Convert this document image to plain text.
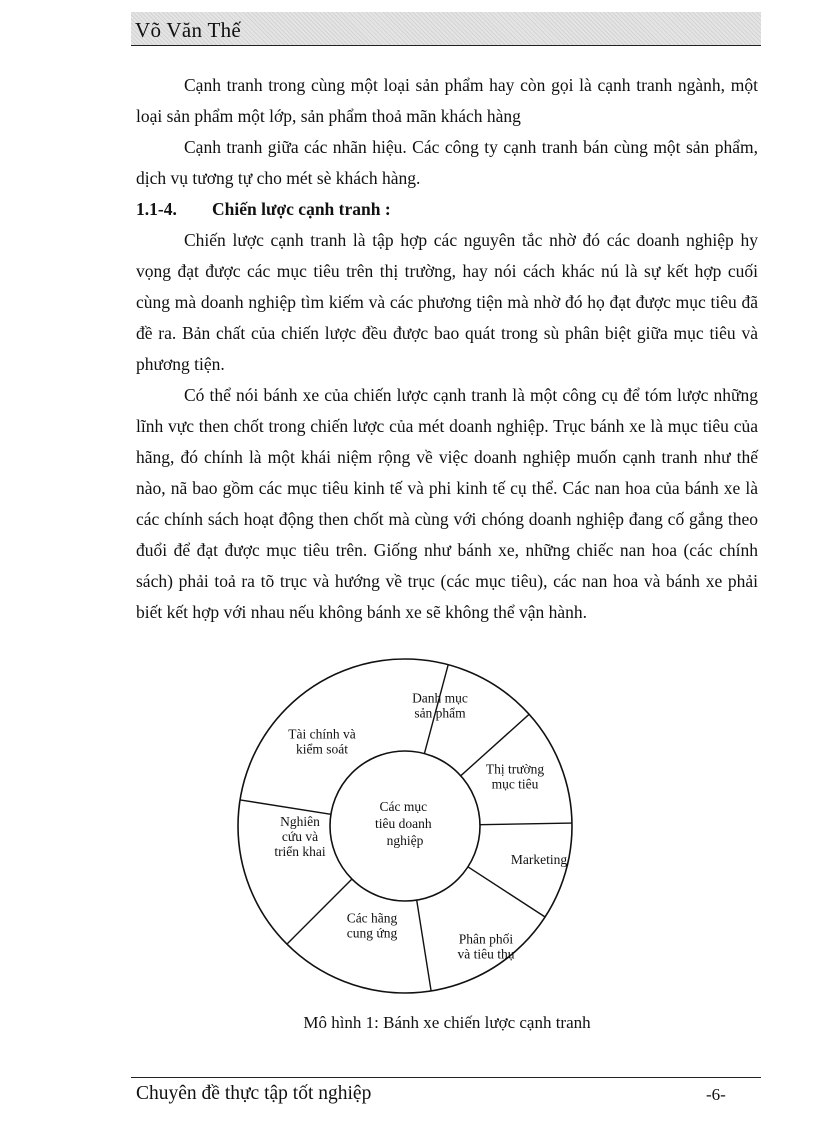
Võ Văn Thế

Cạnh tranh trong cùng một loại sản phẩm hay còn gọi là cạnh tranh ngành, một loại sản phẩm một lớp, sản phẩm thoả mãn khách hàng

Cạnh tranh giữa các nhãn hiệu. Các công ty cạnh tranh bán cùng một sản phẩm, dịch vụ tương tự cho mét sè khách hàng.

1.1-4. Chiến lược cạnh tranh :

Chiến lược cạnh tranh là tập hợp các nguyên tắc nhờ đó các doanh nghiệp hy vọng đạt được các mục tiêu trên thị trường, hay nói cách khác nú là sự kết hợp cuối cùng mà doanh nghiệp tìm kiếm và các phương tiện mà nhờ đó họ đạt được mục tiêu đã đề ra. Bản chất của chiến lược đều được bao quát trong sù phân biệt giữa mục tiêu và phương tiện.

Có thể nói bánh xe của chiến lược cạnh tranh là một công cụ để tóm lược những lĩnh vực then chốt trong chiến lược của mét doanh nghiệp. Trục bánh xe là mục tiêu của hãng, đó chính là một khái niệm rộng về việc doanh nghiệp muốn cạnh tranh như thế nào, nã bao gồm các mục tiêu kinh tế và phi kinh tế cụ thể. Các nan hoa của bánh xe là các chính sách hoạt động then chốt mà cùng với chóng doanh nghiệp đang cố gắng theo đuổi để đạt được mục tiêu trên. Giống như bánh xe, những chiếc nan hoa (các chính sách) phải toả ra tõ trục và hướng về trục (các mục tiêu), các nan hoa và bánh xe phải biết kết hợp với nhau nếu không bánh xe sẽ không thể vận hành.

Danh mục sản phẩm
Thị trường mục tiêu
Marketing
Phân phối và tiêu thụ
Các hãng cung ứng
Nghiên cứu và triển khai
Tài chính và kiểm soát
Các mục tiêu doanh nghiệp
Mô hình 1: Bánh xe chiến lược cạnh tranh
Chuyên đề thực tập tốt nghiệp	-6-
